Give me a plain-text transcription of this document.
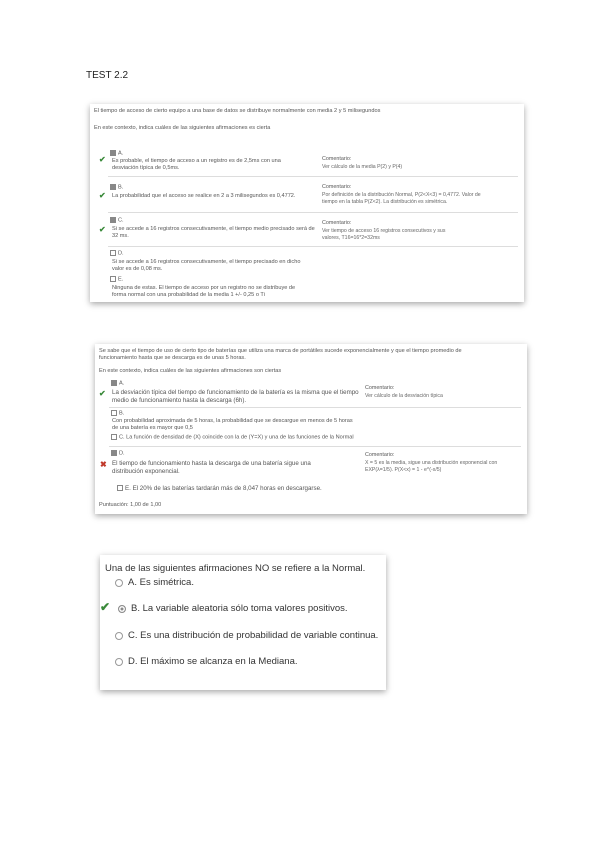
TEST 2.2
El tiempo de acceso de cierto equipo a una base de datos se distribuye normalmente con media 2 y 5 milisegundos
En este contexto, indica cuáles de las siguientes afirmaciones es cierta
✔
A.
Es probable, el tiempo de acceso a un registro es de 2,5ms con una
desviación típica de 0,5ms.
Comentario:
Ver cálculo de la media P(2) y P(4)
✔
B.
La probabilidad que el acceso se realice en 2 a 3 milisegundos es 0,4772.
Comentario:
Por definición de la distribución Normal, P(2<X<3) = 0,4772. Valor de
tiempo en la tabla P(Z<2). La distribución es simétrica.
✔
C.
Si se accede a 16 registros consecutivamente, el tiempo medio precisado será de
32 ms.
Comentario:
Ver tiempo de acceso 16 registros consecutivos y sus
valores, T16=16*2=32ms
D.
Si se accede a 16 registros consecutivamente, el tiempo precisado en dicho
valor es de 0,08 ms.
E.
Ninguna de estas. El tiempo de acceso por un registro no se distribuye de
forma normal con una probabilidad de la media 1 +/- 0,25 o Ti
Se sabe que el tiempo de uso de cierto tipo de baterías que utiliza una marca de portátiles sucede exponencialmente y que el tiempo promedio de
funcionamiento hasta que se descarga es de unas 5 horas.
En este contexto, indica cuáles de las siguientes afirmaciones son ciertas
✔
A.
La desviación típica del tiempo de funcionamiento de la batería es la misma que el tiempo
medio de funcionamiento hasta la descarga (6h).
Comentario:
Ver cálculo de la desviación típica
B.
Con probabilidad aproximada de 5 horas, la probabilidad que se descargue en menos de 5 horas
de una batería es mayor que 0,5
C. La función de densidad de (X) coincide con la de (Y=X) y una de las funciones de la Normal
✖
D.
El tiempo de funcionamiento hasta la descarga de una batería sigue una
distribución exponencial.
Comentario:
X = 5 es la media, sigue una distribución exponencial con
EXP(λ=1/5). P(X<x) = 1 - e^(-x/5)
E. El 20% de las baterías tardarán más de 8,047 horas en descargarse.
Puntuación: 1,00 de 1,00
Una de las siguientes afirmaciones NO se refiere a la Normal.
A. Es simétrica.
✔ B. La variable aleatoria sólo toma valores positivos.
C. Es una distribución de probabilidad de variable continua.
D. El máximo se alcanza en la Mediana.
